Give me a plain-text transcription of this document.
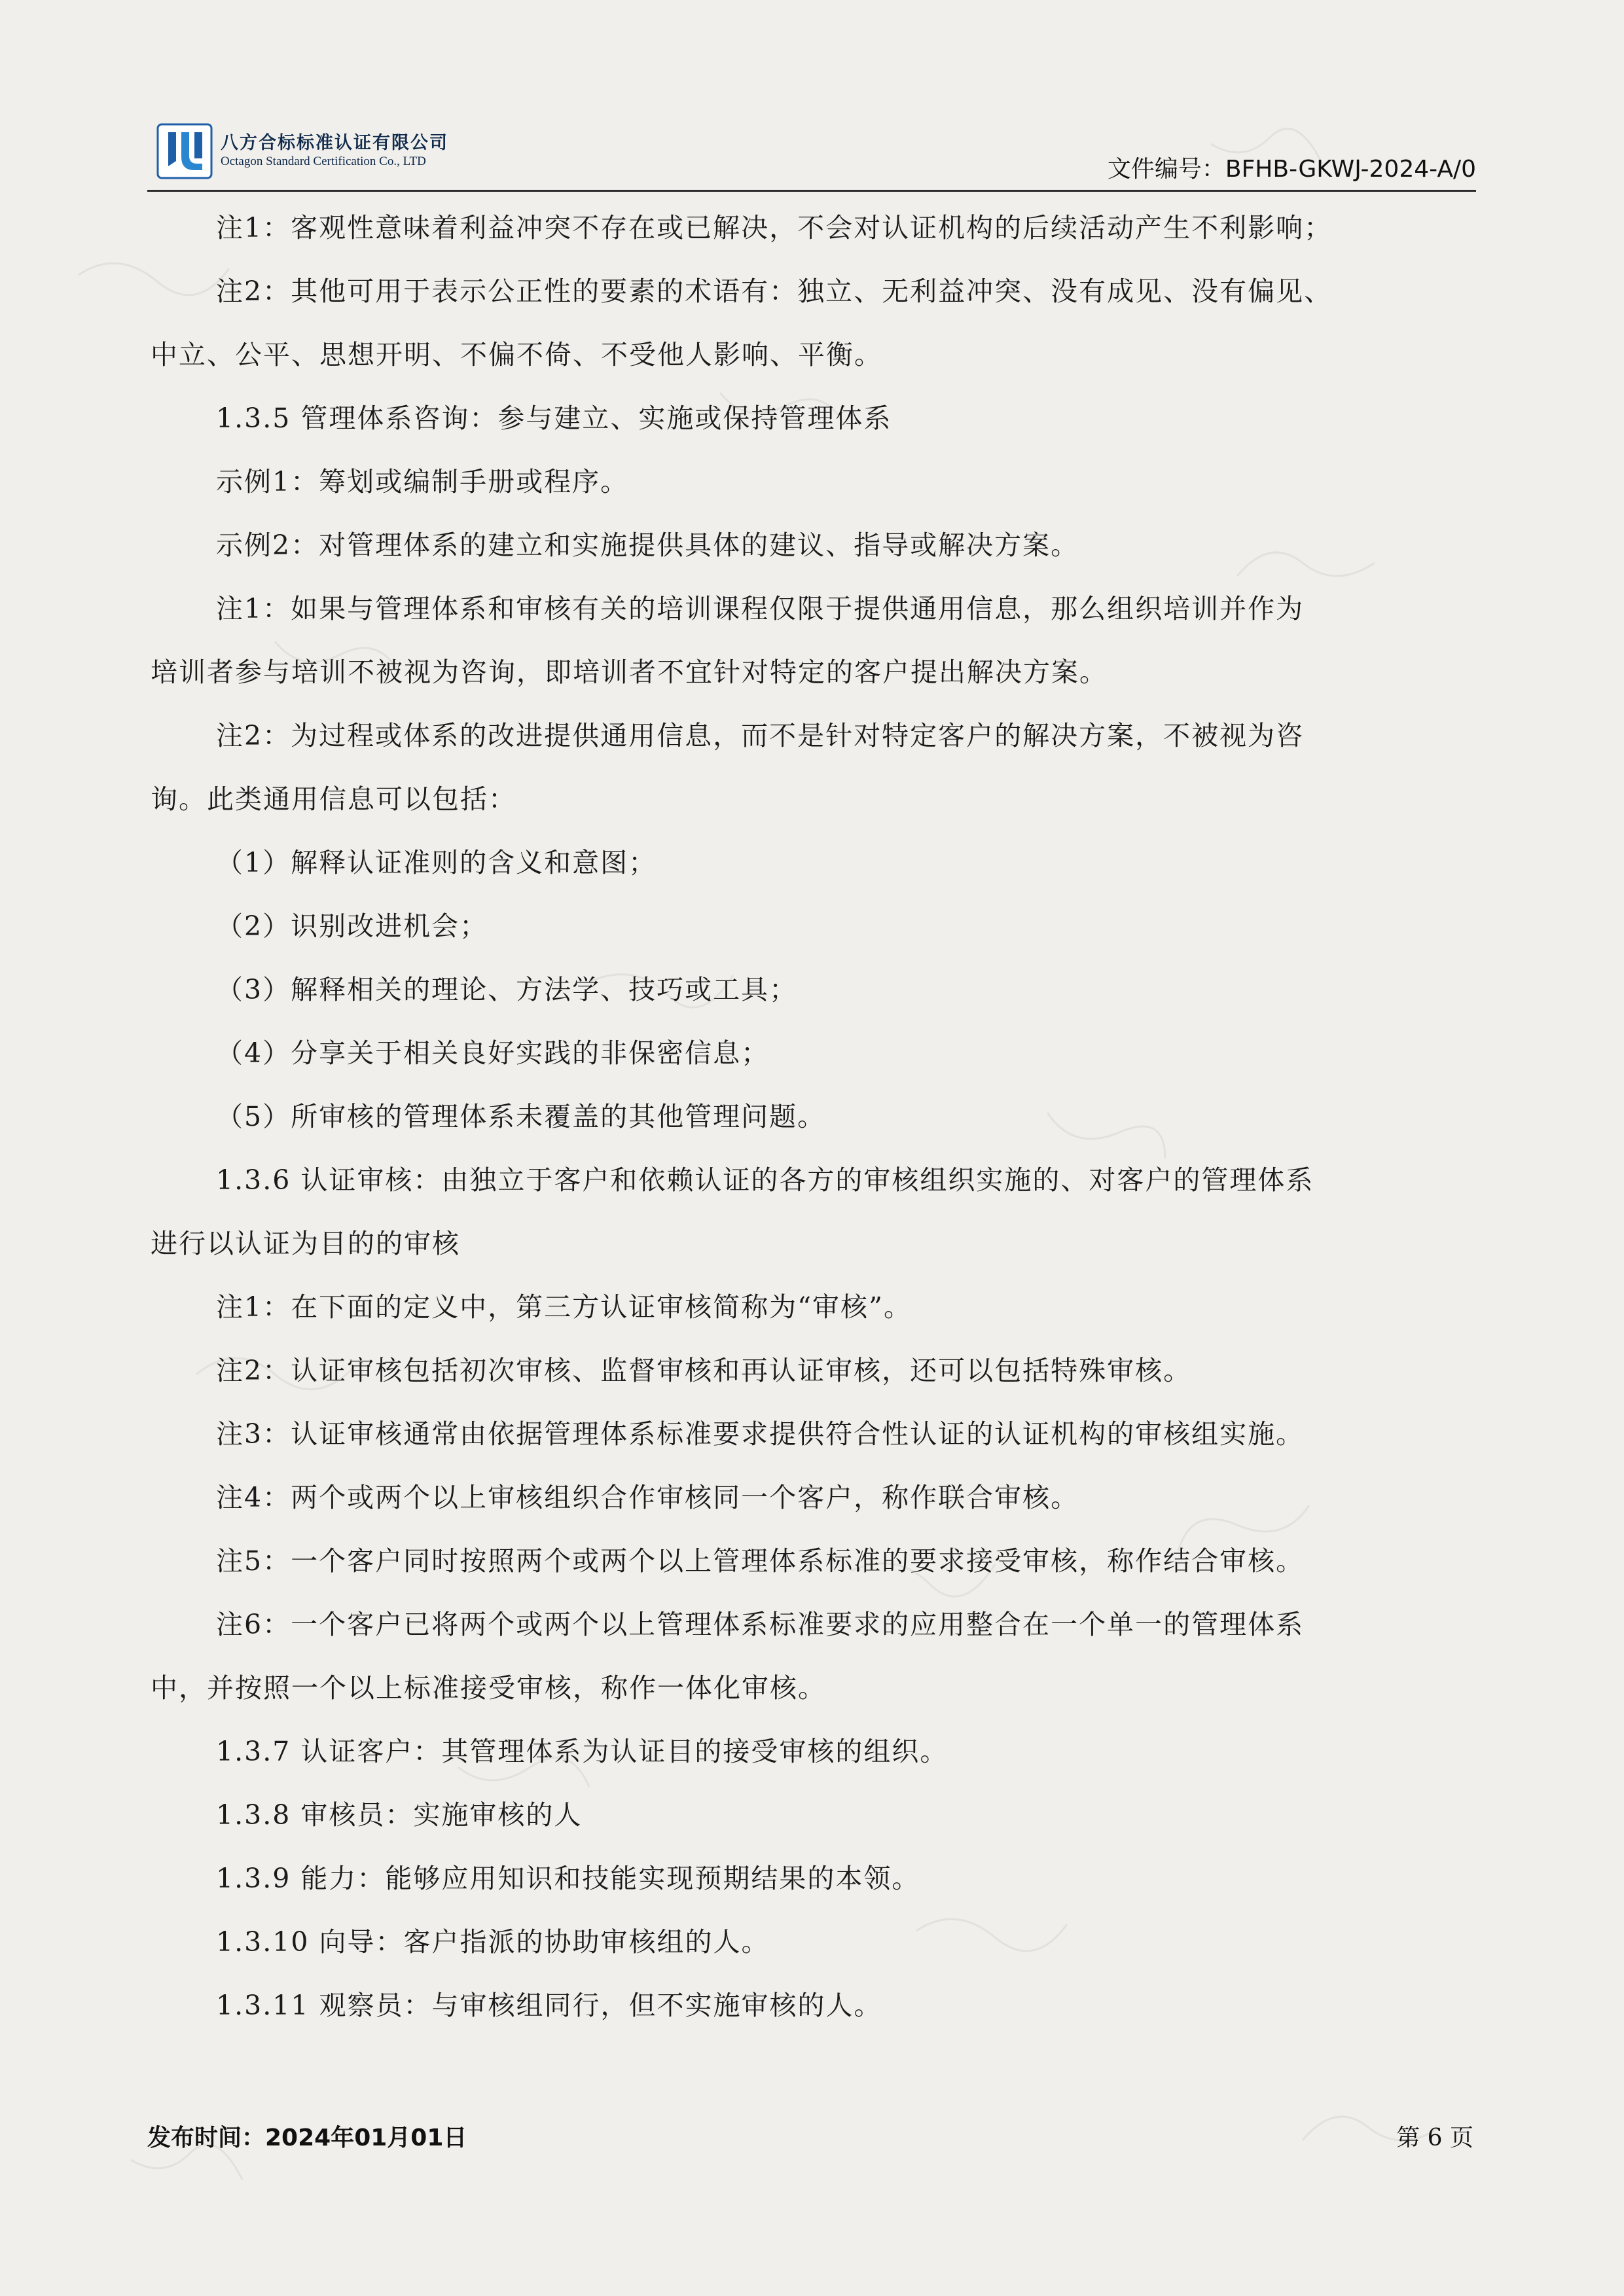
八方合标标准认证有限公司
Octagon Standard Certification Co., LTD	文件编号：BFHB-GKWJ-2024-A/0
注1：客观性意味着利益冲突不存在或已解决，不会对认证机构的后续活动产生不利影响；
注2：其他可用于表示公正性的要素的术语有：独立、无利益冲突、没有成见、没有偏见、
中立、公平、思想开明、不偏不倚、不受他人影响、平衡。
1.3.5 管理体系咨询：参与建立、实施或保持管理体系
示例1：筹划或编制手册或程序。
示例2：对管理体系的建立和实施提供具体的建议、指导或解决方案。
注1：如果与管理体系和审核有关的培训课程仅限于提供通用信息，那么组织培训并作为
培训者参与培训不被视为咨询，即培训者不宜针对特定的客户提出解决方案。
注2：为过程或体系的改进提供通用信息，而不是针对特定客户的解决方案，不被视为咨
询。此类通用信息可以包括：
（1）解释认证准则的含义和意图；
（2）识别改进机会；
（3）解释相关的理论、方法学、技巧或工具；
（4）分享关于相关良好实践的非保密信息；
（5）所审核的管理体系未覆盖的其他管理问题。
1.3.6 认证审核：由独立于客户和依赖认证的各方的审核组织实施的、对客户的管理体系
进行以认证为目的的审核
注1：在下面的定义中，第三方认证审核简称为“审核”。
注2：认证审核包括初次审核、监督审核和再认证审核，还可以包括特殊审核。
注3：认证审核通常由依据管理体系标准要求提供符合性认证的认证机构的审核组实施。
注4：两个或两个以上审核组织合作审核同一个客户，称作联合审核。
注5：一个客户同时按照两个或两个以上管理体系标准的要求接受审核，称作结合审核。
注6：一个客户已将两个或两个以上管理体系标准要求的应用整合在一个单一的管理体系
中，并按照一个以上标准接受审核，称作一体化审核。
1.3.7 认证客户：其管理体系为认证目的接受审核的组织。
1.3.8 审核员：实施审核的人
1.3.9 能力：能够应用知识和技能实现预期结果的本领。
1.3.10 向导：客户指派的协助审核组的人。
1.3.11 观察员：与审核组同行，但不实施审核的人。
发布时间：2024年01月01日	第 6 页
